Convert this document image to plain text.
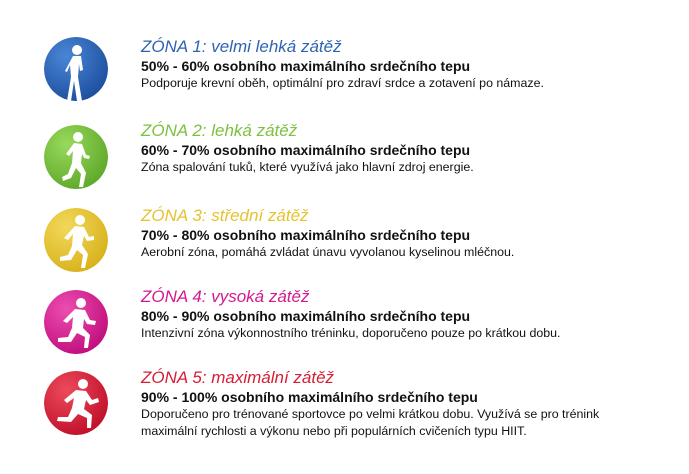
ZÓNA 1: velmi lehká zátěž

50% - 60% osobního maximálního srdečního tepu

Podporuje krevní oběh, optimální pro zdraví srdce a zotavení po námaze.

ZÓNA 2: lehká zátěž

60% - 70% osobního maximálního srdečního tepu

Zóna spalování tuků, které využívá jako hlavní zdroj energie.

ZÓNA 3: střední zátěž

70% - 80% osobního maximálního srdečního tepu

Aerobní zóna, pomáhá zvládat únavu vyvolanou kyselinou mléčnou.

ZÓNA 4: vysoká zátěž

80% - 90% osobního maximálního srdečního tepu

Intenzivní zóna výkonnostního tréninku, doporučeno pouze po krátkou dobu.

ZÓNA 5: maximální zátěž

90% - 100% osobního maximálního srdečního tepu

Doporučeno pro trénované sportovce po velmi krátkou dobu. Využívá se pro trénink maximální rychlosti a výkonu nebo při populárních cvičeních typu HIIT.
